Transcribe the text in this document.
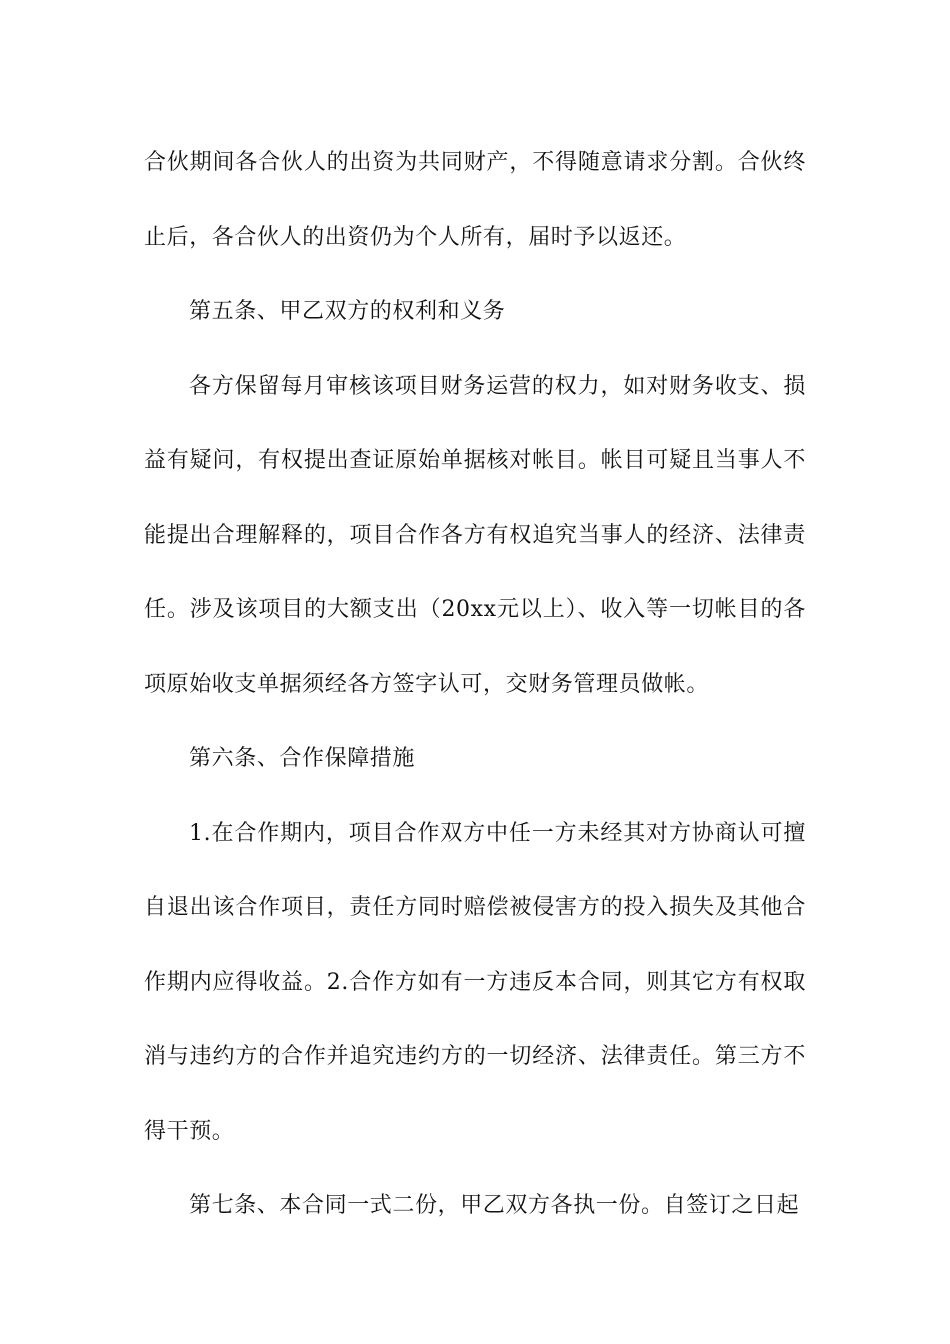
合伙期间各合伙人的出资为共同财产，不得随意请求分割。合伙终止后，各合伙人的出资仍为个人所有，届时予以返还。

第五条、甲乙双方的权利和义务

各方保留每月审核该项目财务运营的权力，如对财务收支、损益有疑问，有权提出查证原始单据核对帐目。帐目可疑且当事人不能提出合理解释的，项目合作各方有权追究当事人的经济、法律责任。涉及该项目的大额支出（20xx元以上）、收入等一切帐目的各项原始收支单据须经各方签字认可，交财务管理员做帐。

第六条、合作保障措施

1.在合作期内，项目合作双方中任一方未经其对方协商认可擅自退出该合作项目，责任方同时赔偿被侵害方的投入损失及其他合作期内应得收益。2.合作方如有一方违反本合同，则其它方有权取消与违约方的合作并追究违约方的一切经济、法律责任。第三方不得干预。

第七条、本合同一式二份，甲乙双方各执一份。自签订之日起
